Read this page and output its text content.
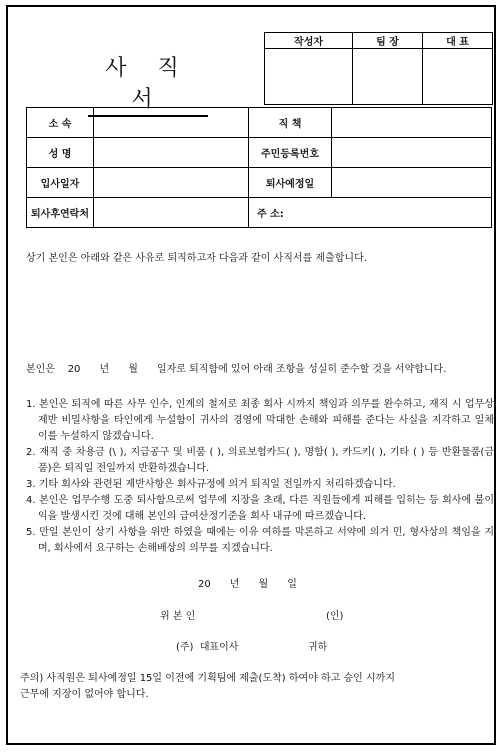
사 직 서
작성자	팀 장	대 표

소 속		직 책	
성 명		주민등록번호	
입사일자		퇴사예정일	
퇴사후연락처		주 소:	
상기 본인은 아래와 같은 사유로 퇴직하고자 다음과 같이 사직서를 제출합니다.
본인은    20      년      월      일자로 퇴직함에 있어 아래 조항을 성실히 준수할 것을 서약합니다.
1. 본인은 퇴직에 따른 사무 인수, 인계의 철저로 최종 회사 시까지 책임과 의무를 완수하고, 재직 시 업무상 제반 비밀사항을 타인에게 누설함이 귀사의 경영에 막대한 손해와 피해를 준다는 사실을 지각하고 일체 이를 누설하지 않겠습니다.
2. 재직 중 차용금 (\ ), 지급공구 및 비품 ( ), 의료보험카드( ), 명함( ), 카드키( ), 기타 ( ) 등 반환물품(금품)은 퇴직일 전일까지 반환하겠습니다.
3. 기타 회사와 관련된 제반사항은 회사규정에 의거 퇴직일 전일까지 처리하겠습니다.
4. 본인은 업무수행 도중 퇴사함으로써 업무에 지장을 초래, 다른 직원들에게 피해를 입히는 등 회사에 불이익을 발생시킨 것에 대해 본인의 급여산정기준을 회사 내규에 따르겠습니다.
5. 만일 본인이 상기 사항을 위반 하였을 때에는 이유 여하를 막론하고 서약에 의거 민, 형사상의 책임을 지며, 회사에서 요구하는 손해배상의 의무를 지겠습니다.
20      년      월      일
위 본 인	(인)
(주)  대표이사	귀하
주의) 사직원은 퇴사예정일 15일 이전에 기획팀에 제출(도착) 하여야 하고 승인 시까지
근무에 지장이 없어야 합니다.
